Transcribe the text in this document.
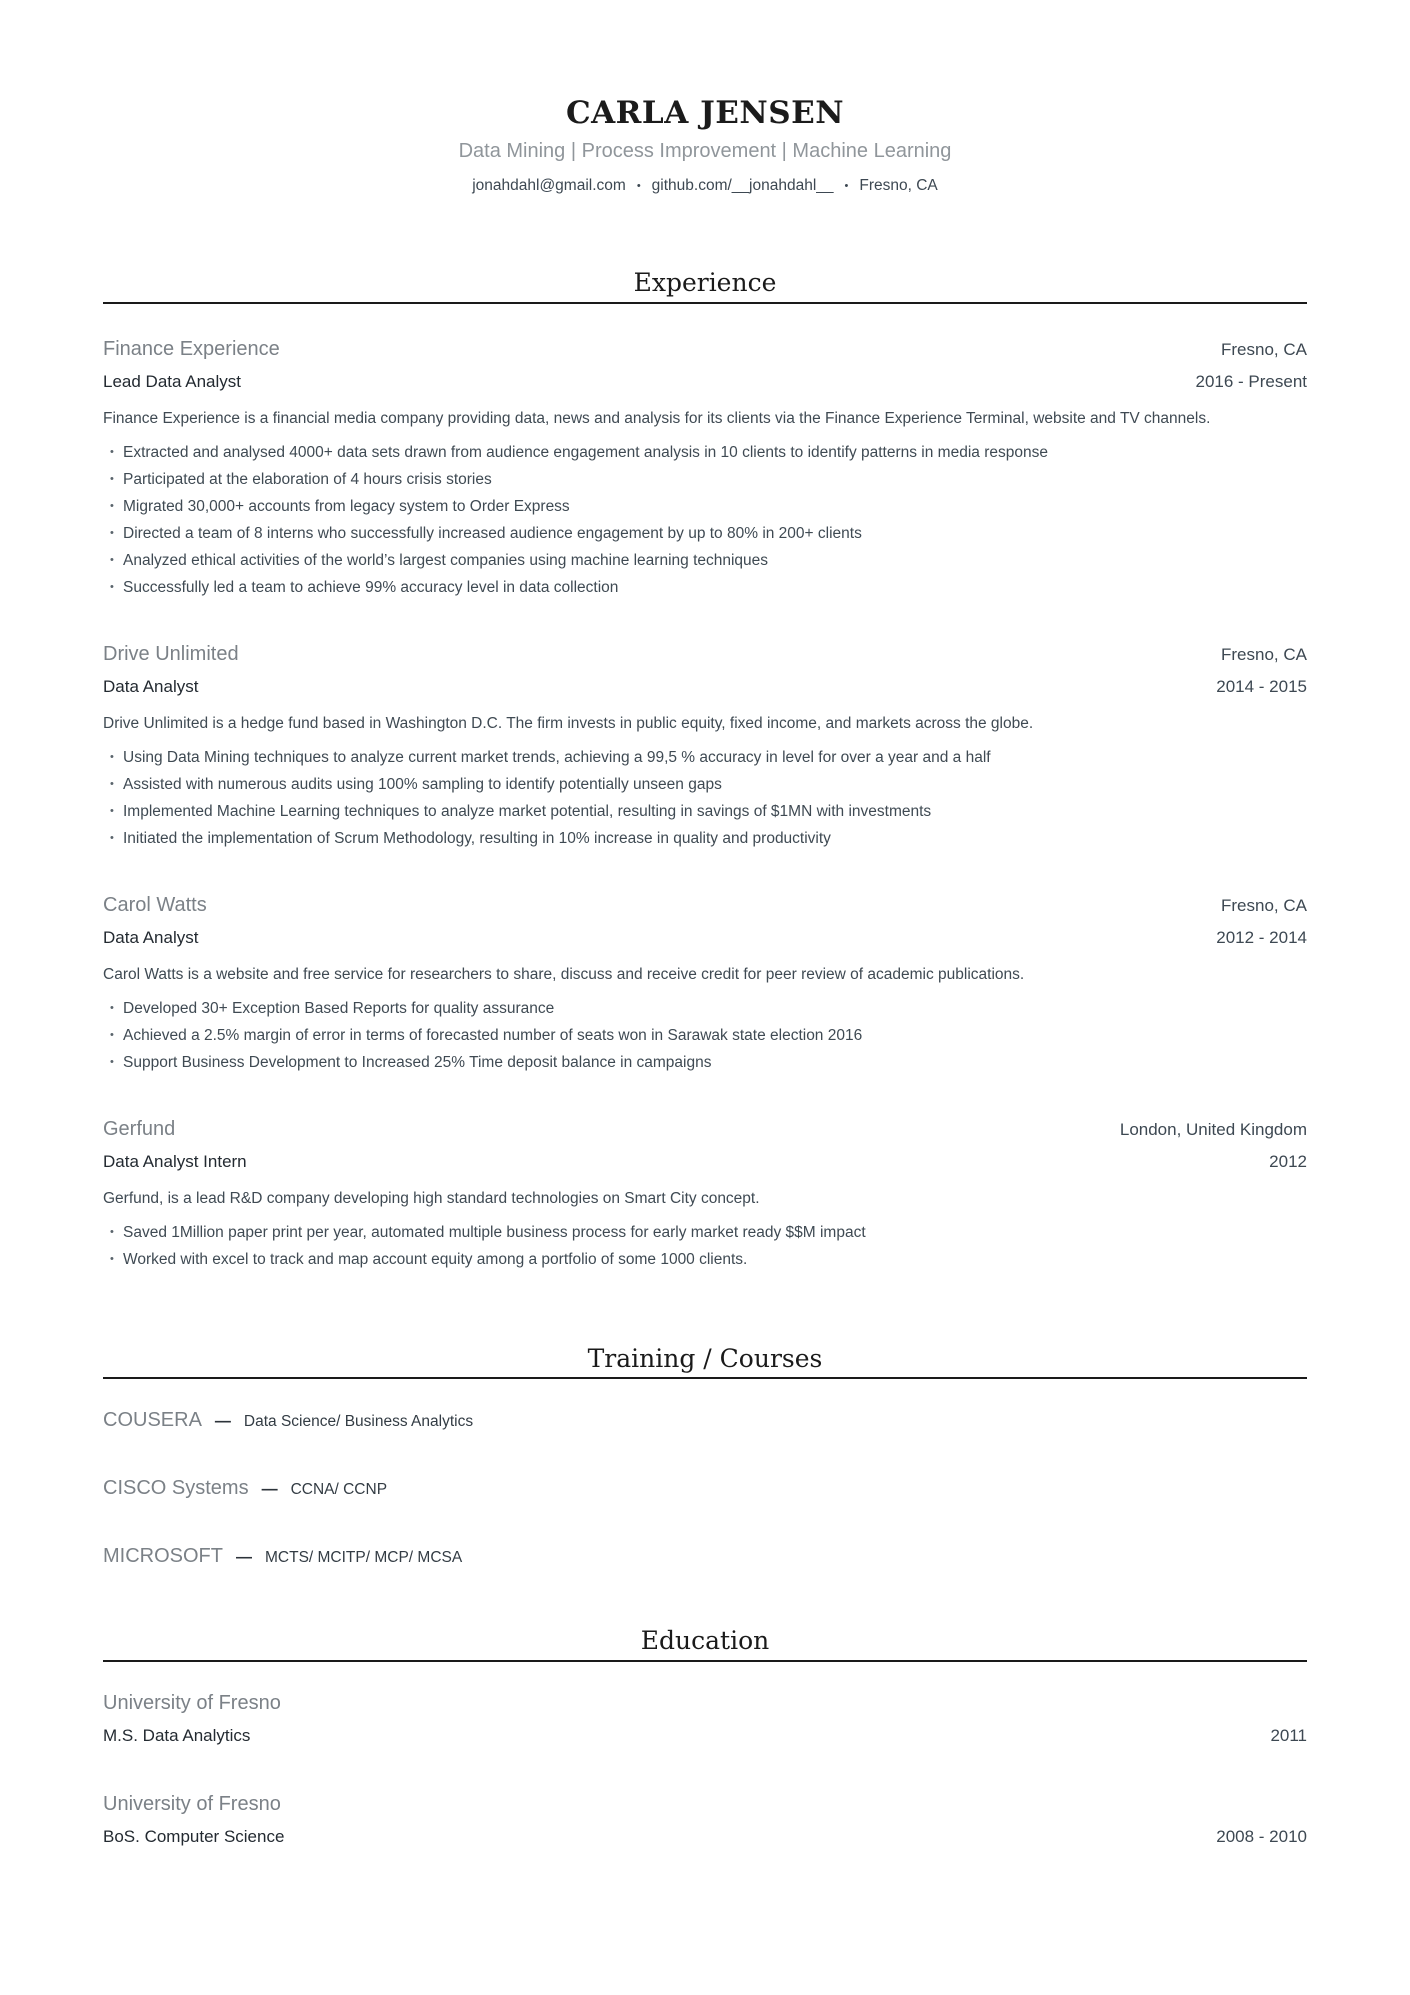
CARLA JENSEN
Data Mining | Process Improvement | Machine Learning
jonahdahl@gmail.com • github.com/__jonahdahl__ • Fresno, CA
Experience
Finance Experience	Fresno, CA
Lead Data Analyst	2016 - Present

Finance Experience is a financial media company providing data, news and analysis for its clients via the Finance Experience Terminal, website and TV channels.

• Extracted and analysed 4000+ data sets drawn from audience engagement analysis in 10 clients to identify patterns in media response
• Participated at the elaboration of 4 hours crisis stories
• Migrated 30,000+ accounts from legacy system to Order Express
• Directed a team of 8 interns who successfully increased audience engagement by up to 80% in 200+ clients
• Analyzed ethical activities of the world’s largest companies using machine learning techniques
• Successfully led a team to achieve 99% accuracy level in data collection
Drive Unlimited	Fresno, CA
Data Analyst	2014 - 2015

Drive Unlimited is a hedge fund based in Washington D.C. The firm invests in public equity, fixed income, and markets across the globe.

• Using Data Mining techniques to analyze current market trends, achieving a 99,5 % accuracy in level for over a year and a half
• Assisted with numerous audits using 100% sampling to identify potentially unseen gaps
• Implemented Machine Learning techniques to analyze market potential, resulting in savings of $1MN with investments
• Initiated the implementation of Scrum Methodology, resulting in 10% increase in quality and productivity
Carol Watts	Fresno, CA
Data Analyst	2012 - 2014

Carol Watts is a website and free service for researchers to share, discuss and receive credit for peer review of academic publications.

• Developed 30+ Exception Based Reports for quality assurance
• Achieved a 2.5% margin of error in terms of forecasted number of seats won in Sarawak state election 2016
• Support Business Development to Increased 25% Time deposit balance in campaigns
Gerfund	London, United Kingdom
Data Analyst Intern	2012

Gerfund, is a lead R&D company developing high standard technologies on Smart City concept.

• Saved 1Million paper print per year, automated multiple business process for early market ready $$M impact
• Worked with excel to track and map account equity among a portfolio of some 1000 clients.
Training / Courses
COUSERA — Data Science/ Business Analytics
CISCO Systems — CCNA/ CCNP
MICROSOFT — MCTS/ MCITP/ MCP/ MCSA
Education
University of Fresno
M.S. Data Analytics	2011
University of Fresno
BoS. Computer Science	2008 - 2010
